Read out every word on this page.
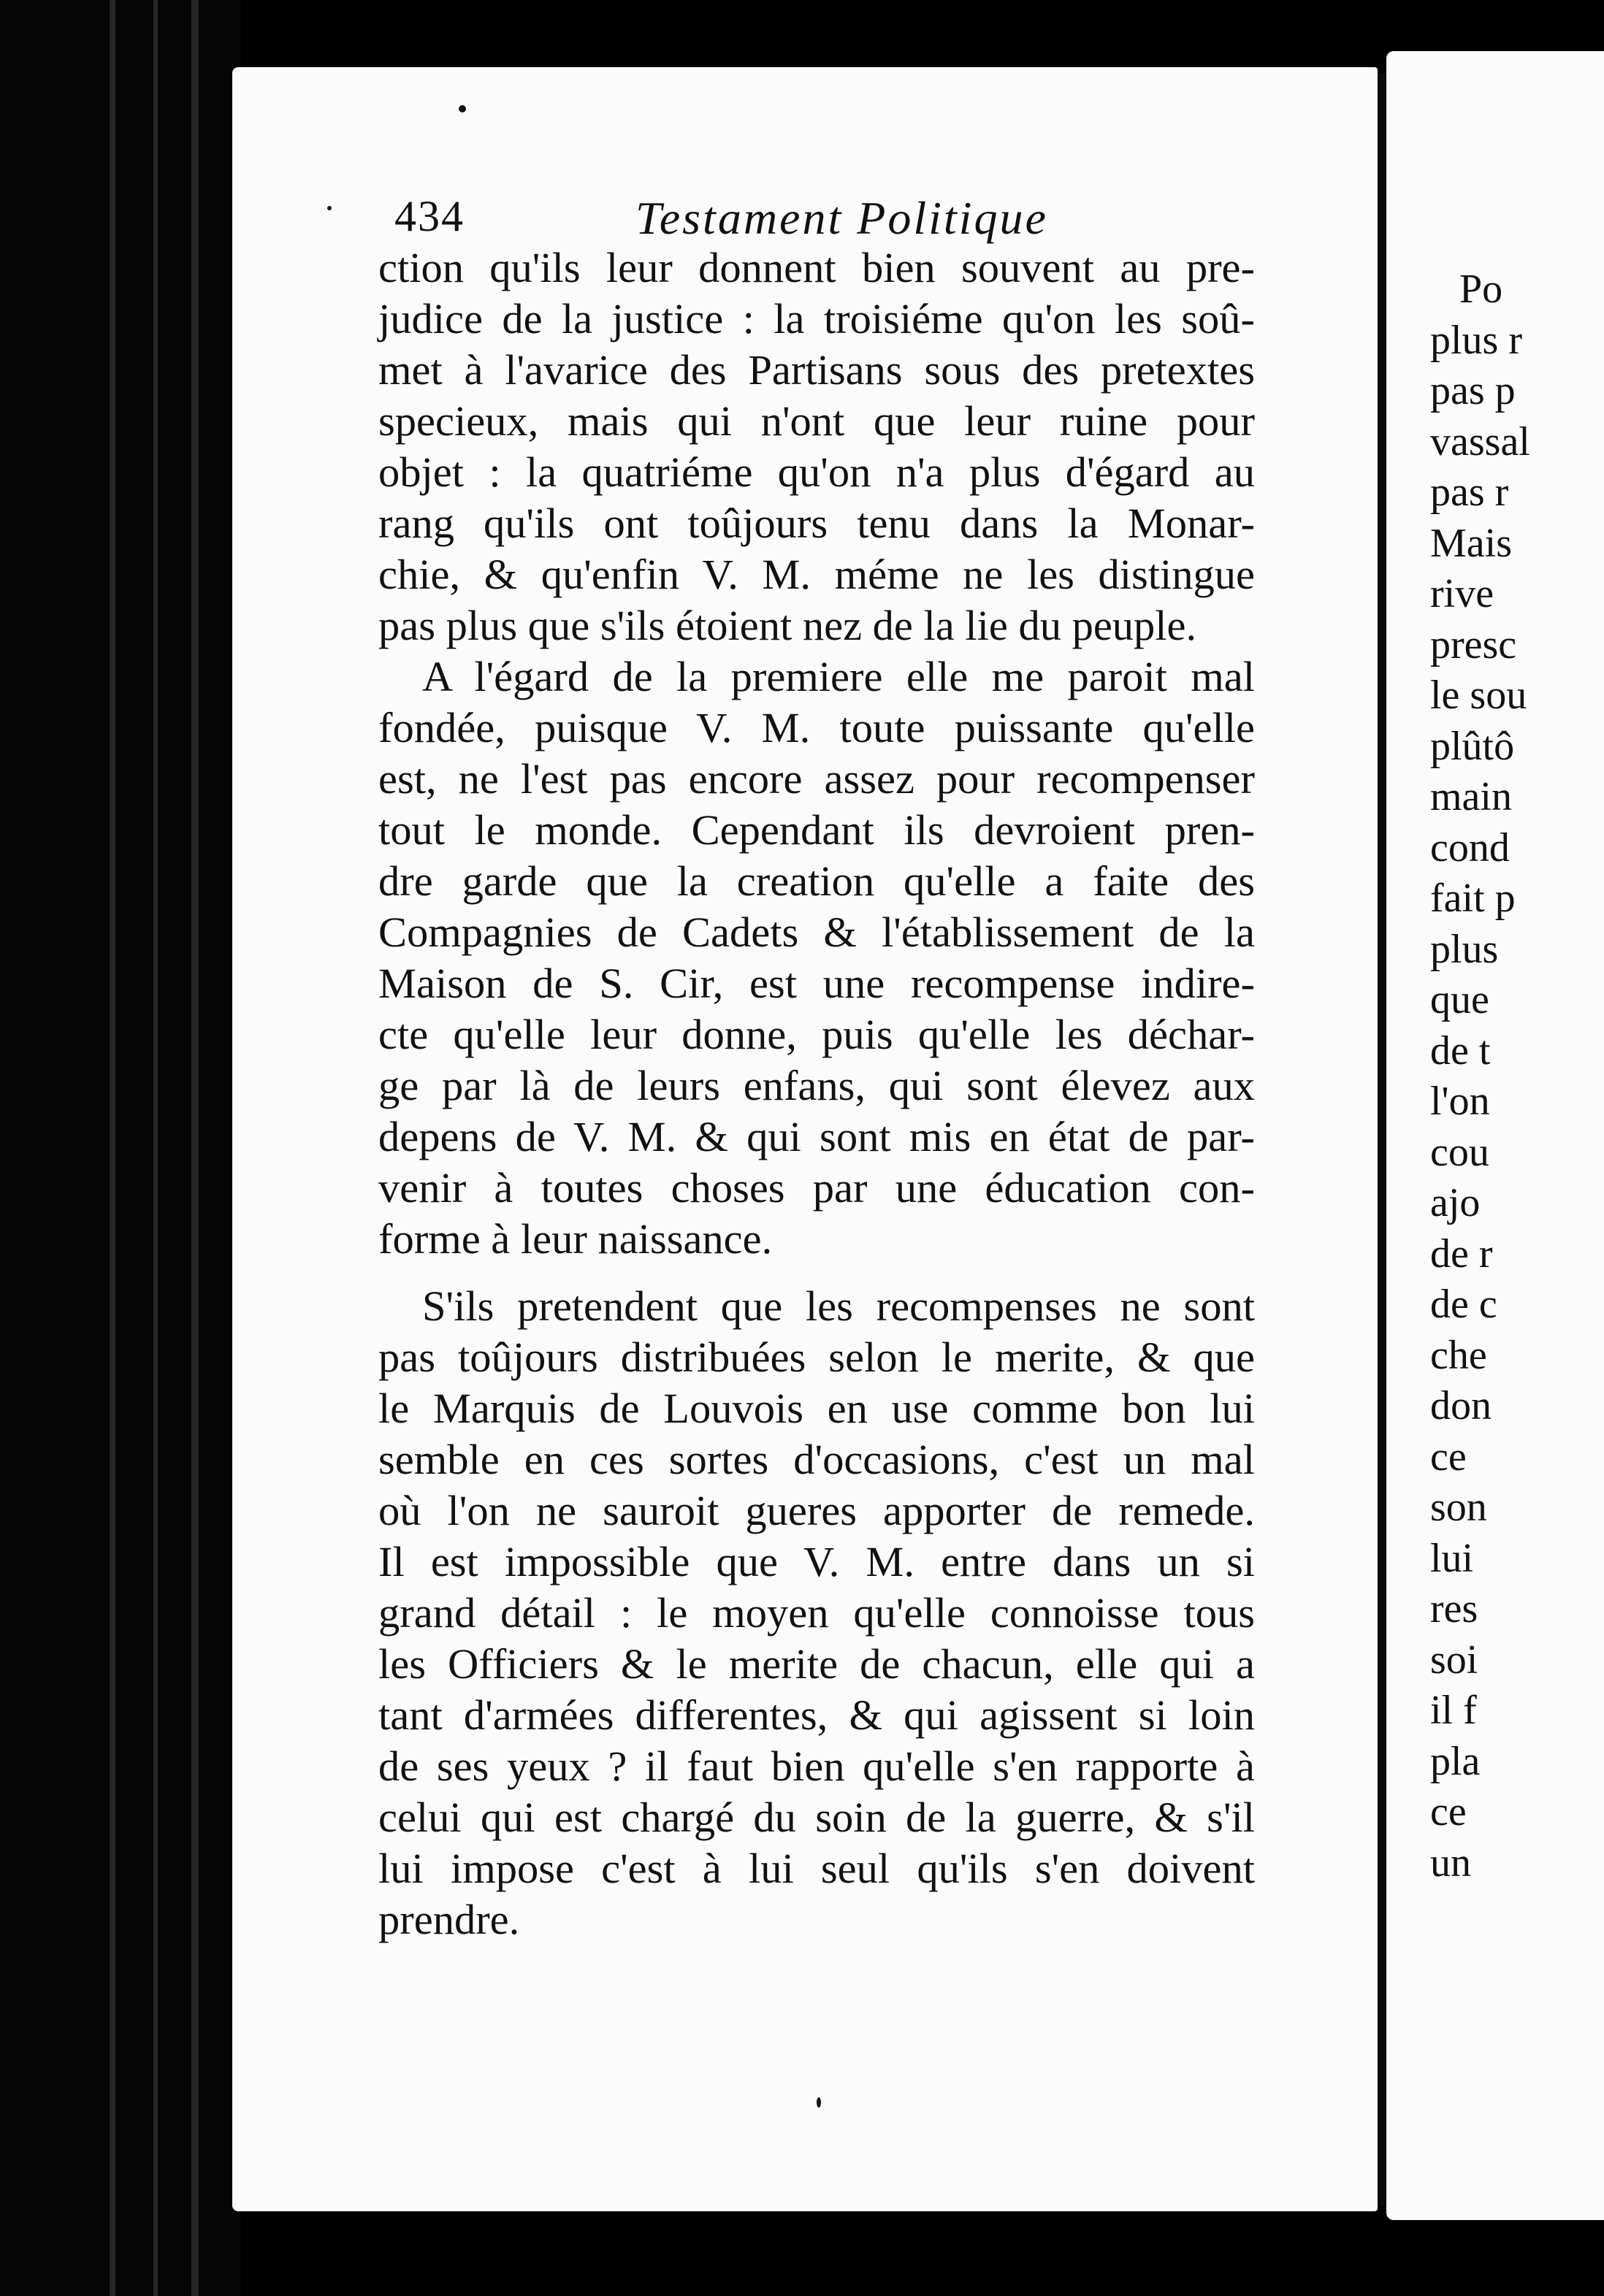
Po
plus r
pas p
vassal
pas r
Mais
rive
presc
le sou
plûtô
main
cond
fait p
plus
que
de t
l'on
cou
ajo
de r
de c
che
don
ce
son
lui
res
soi
il f
pla
ce
un
434	Testament Politique
ction qu'ils leur donnent bien souvent au pre-
judice de la justice : la troisiéme qu'on les soû-
met à l'avarice des Partisans sous des pretextes
specieux, mais qui n'ont que leur ruine pour
objet : la quatriéme qu'on n'a plus d'égard au
rang qu'ils ont toûjours tenu dans la Monar-
chie, & qu'enfin V. M. méme ne les distingue
pas plus que s'ils étoient nez de la lie du peuple.
A l'égard de la premiere elle me paroit mal
fondée, puisque V. M. toute puissante qu'elle
est, ne l'est pas encore assez pour recompenser
tout le monde. Cependant ils devroient pren-
dre garde que la creation qu'elle a faite des
Compagnies de Cadets & l'établissement de la
Maison de S. Cir, est une recompense indire-
cte qu'elle leur donne, puis qu'elle les déchar-
ge par là de leurs enfans, qui sont élevez aux
depens de V. M. & qui sont mis en état de par-
venir à toutes choses par une éducation con-
forme à leur naissance.
S'ils pretendent que les recompenses ne sont
pas toûjours distribuées selon le merite, & que
le Marquis de Louvois en use comme bon lui
semble en ces sortes d'occasions, c'est un mal
où l'on ne sauroit gueres apporter de remede.
Il est impossible que V. M. entre dans un si
grand détail : le moyen qu'elle connoisse tous
les Officiers & le merite de chacun, elle qui a
tant d'armées differentes, & qui agissent si loin
de ses yeux ? il faut bien qu'elle s'en rapporte à
celui qui est chargé du soin de la guerre, & s'il
lui impose c'est à lui seul qu'ils s'en doivent
prendre.
